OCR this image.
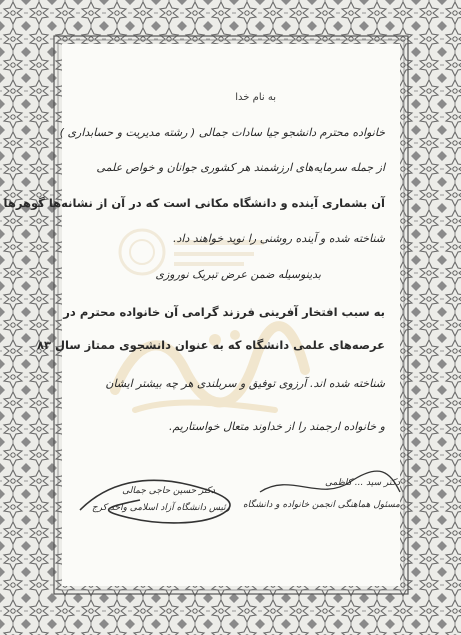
به نام خدا
خانواده محترم دانشجو جیا سادات جمالی ( رشته مدیریت و حسابداری )
از جمله سرمایه‌های ارزشمند هر کشوری جوانان و خواص علمی
آن بشماری آینده و دانشگاه مکانی است که در آن از نشانه‌ها گوهرها
شناخته شده و آینده روشنی را نوید خواهند داد.
بدینوسیله ضمن عرض تبریک نوروزی
به سبب افتخار آفرینی فرزند گرامی آن خانواده محترم در
عرصه‌های علمی دانشگاه که به عنوان دانشجوی ممتاز سال ۸۳
شناخته شده اند. آرزوی توفیق و سربلندی هر چه بیشتر ایشان
و خانواده ارجمند را از خداوند متعال خواستاریم.
دکتر حسین حاجی جمالی
رئیس دانشگاه آزاد اسلامی واحد کرج
دکتر سید ... کاظمی
مسئول هماهنگی انجمن خانواده و دانشگاه
